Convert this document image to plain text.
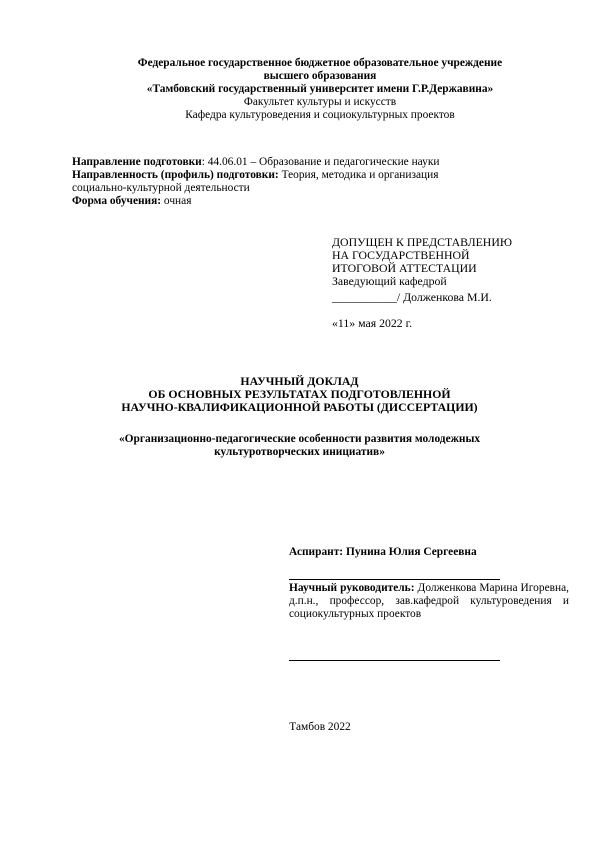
Федеральное государственное бюджетное образовательное учреждение

высшего образования

«Тамбовский государственный университет имени Г.Р.Державина»

Факультет культуры и искусств

Кафедра культуроведения и социокультурных проектов

Направление подготовки: 44.06.01 – Образование и педагогические науки

Направленность (профиль) подготовки: Теория, методика и организация

социально-культурной деятельности

Форма обучения: очная

ДОПУЩЕН К ПРЕДСТАВЛЕНИЮ

НА ГОСУДАРСТВЕННОЙ

ИТОГОВОЙ АТТЕСТАЦИИ

Заведующий кафедрой

___________/ Долженкова М.И.

«11» мая 2022 г.

НАУЧНЫЙ ДОКЛАД

ОБ ОСНОВНЫХ РЕЗУЛЬТАТАХ ПОДГОТОВЛЕННОЙ

НАУЧНО-КВАЛИФИКАЦИОННОЙ РАБОТЫ (ДИССЕРТАЦИИ)

«Организационно-педагогические особенности развития молодежных

культуротворческих инициатив»

Аспирант: Пунина Юлия Сергеевна
Научный руководитель: Долженкова Марина Игоревна, д.п.н., профессор, зав.кафедрой культуроведения и социокультурных проектов
Тамбов 2022
